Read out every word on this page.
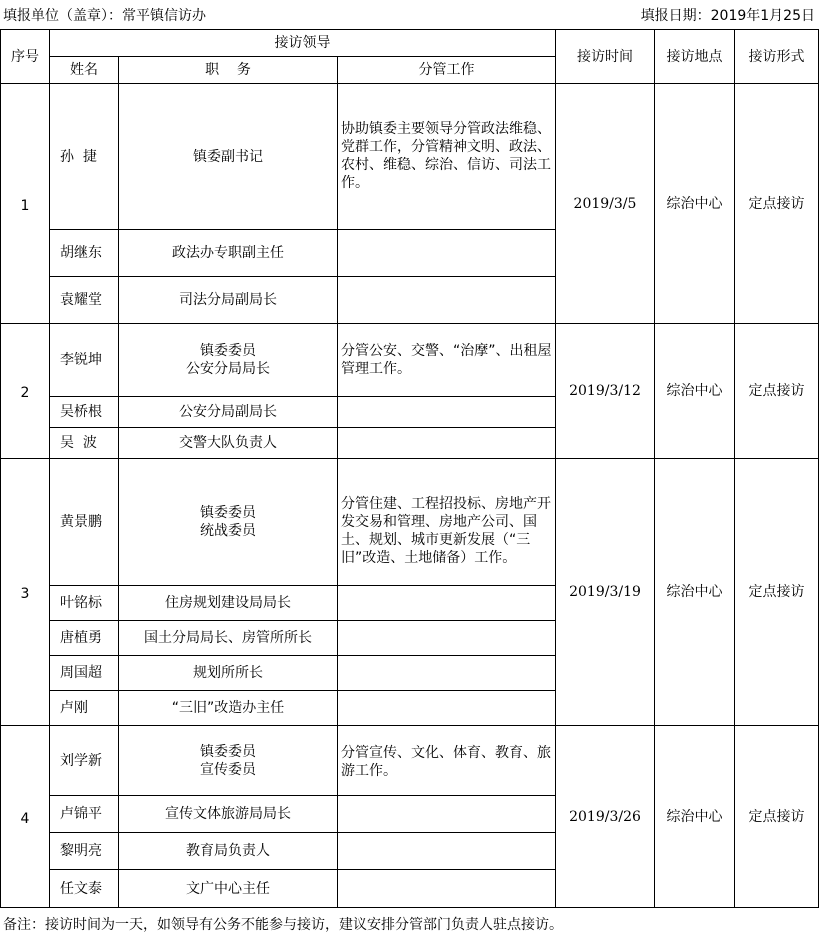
填报单位（盖章）：常平镇信访办	填报日期：2019年1月25日
序号	接访领导			接访时间	接访地点	接访形式
	姓名	职    务	分管工作			
1	孙  捷	镇委副书记	协助镇委主要领导分管政法维稳、党群工作，分管精神文明、政法、农村、维稳、综治、信访、司法工作。	2019/3/5	综治中心	定点接访
	胡继东	政法办专职副主任				
	袁耀堂	司法分局副局长				
2	李锐坤	镇委委员
公安分局局长	分管公安、交警、“治摩”、出租屋管理工作。	2019/3/12	综治中心	定点接访
	吴桥根	公安分局副局长				
	吴  波	交警大队负责人				
3	黄景鹏	镇委委员
统战委员	分管住建、工程招投标、房地产开发交易和管理、房地产公司、国土、规划、城市更新发展（“三旧”改造、土地储备）工作。	2019/3/19	综治中心	定点接访
	叶铭标	住房规划建设局局长				
	唐植勇	国土分局局长、房管所所长				
	周国超	规划所所长				
	卢刚	“三旧”改造办主任				
4	刘学新	镇委委员
宣传委员	分管宣传、文化、体育、教育、旅游工作。	2019/3/26	综治中心	定点接访
	卢锦平	宣传文体旅游局局长				
	黎明亮	教育局负责人				
	任文泰	文广中心主任				
备注：接访时间为一天，如领导有公务不能参与接访，建议安排分管部门负责人驻点接访。
